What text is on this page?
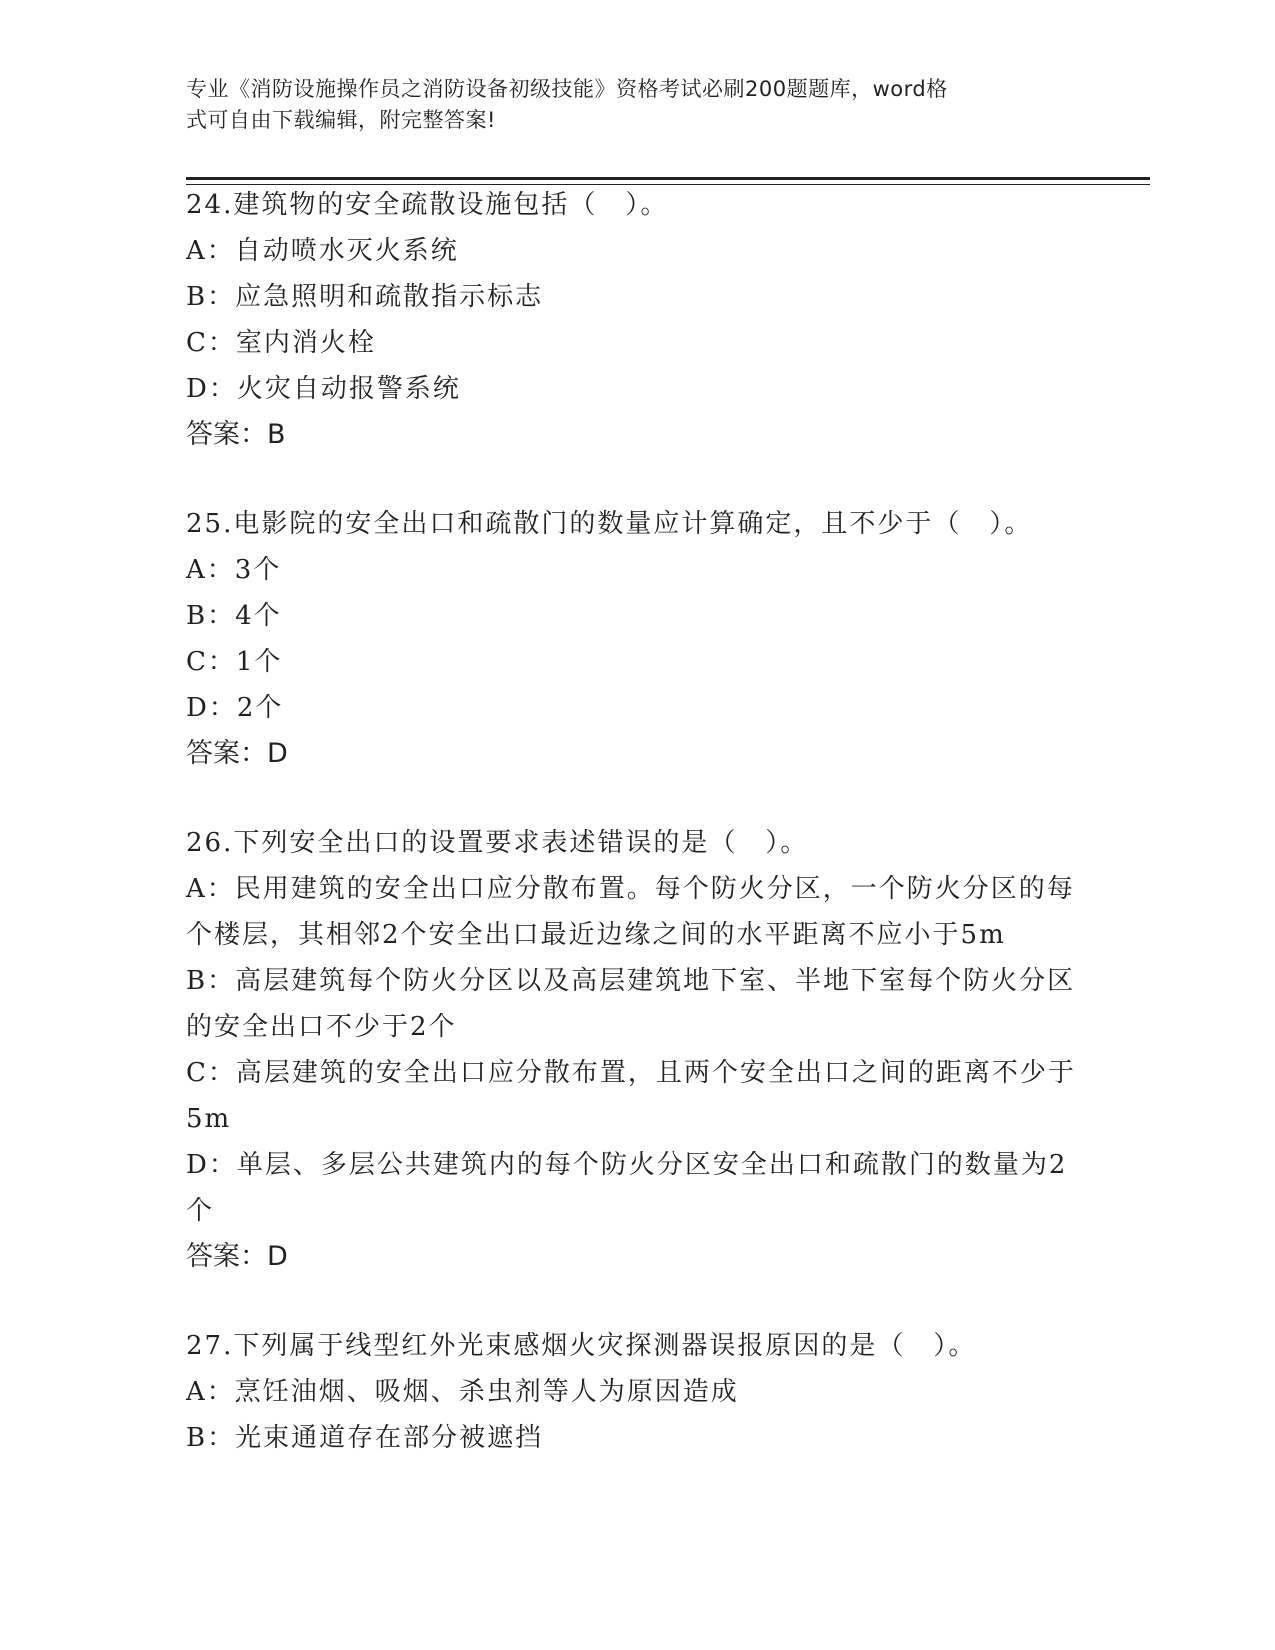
专业《消防设施操作员之消防设备初级技能》资格考试必刷200题题库，word格
式可自由下载编辑，附完整答案!
24.建筑物的安全疏散设施包括（　）。
A：自动喷水灭火系统
B：应急照明和疏散指示标志
C：室内消火栓
D：火灾自动报警系统
答案：B
25.电影院的安全出口和疏散门的数量应计算确定，且不少于（　）。
A：3个
B：4个
C：1个
D：2个
答案：D
26.下列安全出口的设置要求表述错误的是（　）。
A：民用建筑的安全出口应分散布置。每个防火分区，一个防火分区的每个楼层，其相邻2个安全出口最近边缘之间的水平距离不应小于5m
B：高层建筑每个防火分区以及高层建筑地下室、半地下室每个防火分区的安全出口不少于2个
C：高层建筑的安全出口应分散布置，且两个安全出口之间的距离不少于5m
D：单层、多层公共建筑内的每个防火分区安全出口和疏散门的数量为2个
答案：D
27.下列属于线型红外光束感烟火灾探测器误报原因的是（　）。
A：烹饪油烟、吸烟、杀虫剂等人为原因造成
B：光束通道存在部分被遮挡
